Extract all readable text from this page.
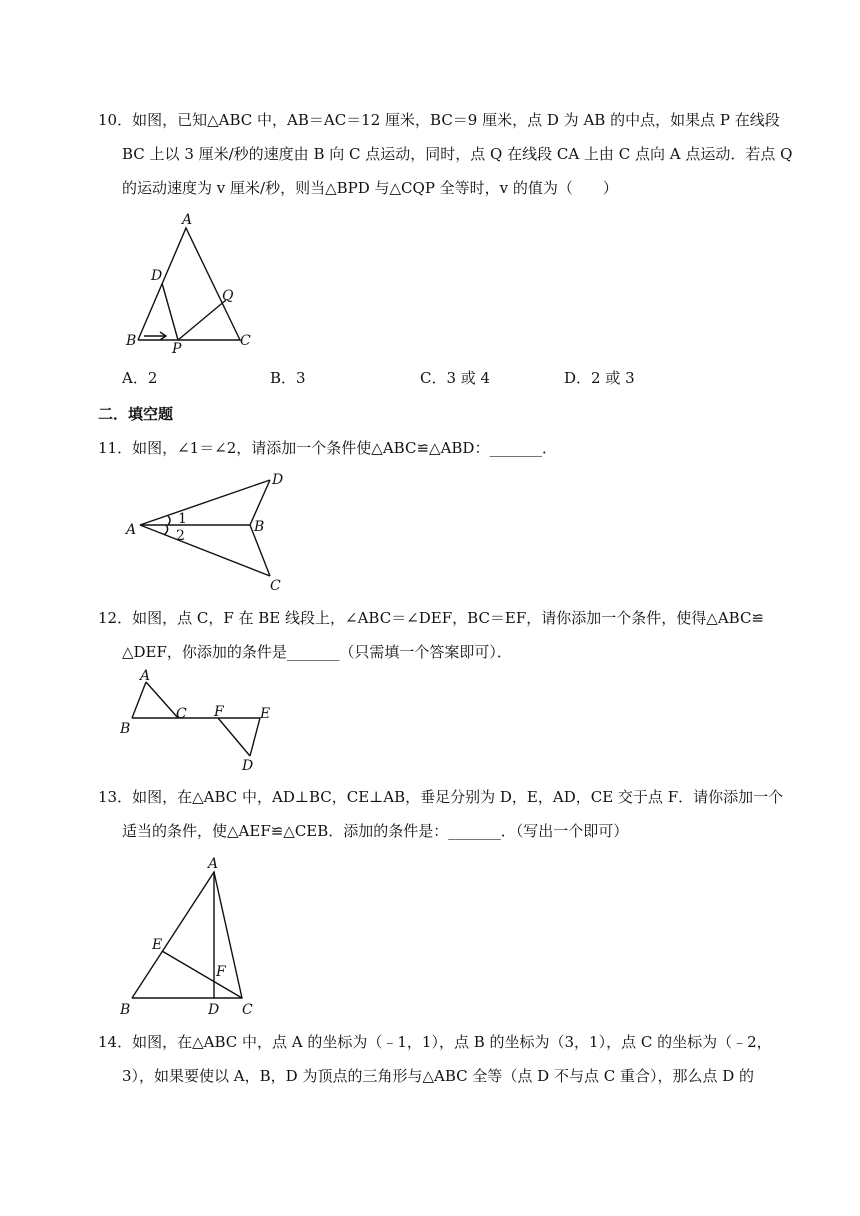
10．如图，已知△ABC 中，AB＝AC＝12 厘米，BC＝9 厘米，点 D 为 AB 的中点，如果点 P 在线段
BC 上以 3 厘米/秒的速度由 B 向 C 点运动，同时，点 Q 在线段 CA 上由 C 点向 A 点运动．若点 Q
的运动速度为 v 厘米/秒，则当△BPD 与△CQP 全等时，v 的值为（　　）
A
D
Q
B	P	C
A．2	B．3	C．3 或 4	D．2 或 3
二．填空题
11．如图，∠1＝∠2，请添加一个条件使△ABC≌△ABD：_______．
A
D
B
C
1
2
12．如图，点 C，F 在 BE 线段上，∠ABC＝∠DEF，BC＝EF，请你添加一个条件，使得△ABC≌
△DEF，你添加的条件是_______（只需填一个答案即可）．
A
B
C F	E
D
13．如图，在△ABC 中，AD⊥BC，CE⊥AB，垂足分别为 D，E，AD，CE 交于点 F．请你添加一个
适当的条件，使△AEF≌△CEB．添加的条件是：_______．（写出一个即可）
A
E
F
B	D C
14．如图，在△ABC 中，点 A 的坐标为（﹣1，1），点 B 的坐标为（3，1），点 C 的坐标为（﹣2，
3），如果要使以 A，B，D 为顶点的三角形与△ABC 全等（点 D 不与点 C 重合），那么点 D 的
